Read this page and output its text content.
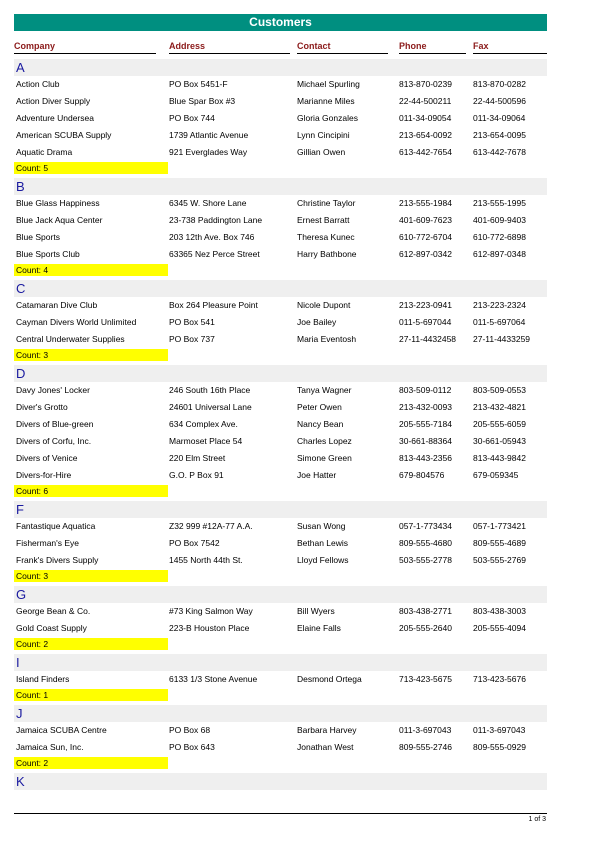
Customers
Company	Address	Contact	Phone	Fax
A
Action Club	PO Box 5451-F	Michael Spurling	813-870-0239 813-870-0282
Action Diver Supply	Blue Spar Box #3	Marianne Miles	22-44-500211	22-44-500596
Adventure Undersea	PO Box 744	Gloria Gonzales	011-34-09054	011-34-09064
American SCUBA Supply	1739 Atlantic Avenue	Lynn Cincipini	213-654-0092 213-654-0095
Aquatic Drama	921 Everglades Way	Gillian Owen	613-442-7654 613-442-7678
Count: 5
B
Blue Glass Happiness	6345 W. Shore Lane	Christine Taylor	213-555-1984 213-555-1995
Blue Jack Aqua Center	23-738 Paddington Lane	Ernest Barratt	401-609-7623 401-609-9403
Blue Sports	203 12th Ave. Box 746	Theresa Kunec	610-772-6704 610-772-6898
Blue Sports Club	63365 Nez Perce Street	Harry Bathbone	612-897-0342 612-897-0348
Count: 4
C
Catamaran Dive Club	Box 264 Pleasure Point	Nicole Dupont	213-223-0941 213-223-2324
Cayman Divers World Unlimited	PO Box 541	Joe Bailey	011-5-697044	011-5-697064
Central Underwater Supplies	PO Box 737	Maria Eventosh	27-11-4432458 27-11-4433259
Count: 3
D
Davy Jones' Locker	246 South 16th Place	Tanya Wagner	803-509-0112	803-509-0553
Diver's Grotto	24601 Universal Lane	Peter Owen	213-432-0093 213-432-4821
Divers of Blue-green	634 Complex Ave.	Nancy Bean	205-555-7184 205-555-6059
Divers of Corfu, Inc.	Marmoset Place 54	Charles Lopez	30-661-88364 30-661-05943
Divers of Venice	220 Elm Street	Simone Green	813-443-2356 813-443-9842
Divers-for-Hire	G.O. P Box 91	Joe Hatter	679-804576	679-059345
Count: 6
F
Fantastique Aquatica	Z32 999 #12A-77 A.A.	Susan Wong	057-1-773434 057-1-773421
Fisherman's Eye	PO Box 7542	Bethan Lewis	809-555-4680 809-555-4689
Frank's Divers Supply	1455 North 44th St.	Lloyd Fellows	503-555-2778 503-555-2769
Count: 3
G
George Bean & Co.	#73 King Salmon Way	Bill Wyers	803-438-2771 803-438-3003
Gold Coast Supply	223-B Houston Place	Elaine Falls	205-555-2640 205-555-4094
Count: 2
I
Island Finders	6133 1/3 Stone Avenue	Desmond Ortega	713-423-5675 713-423-5676
Count: 1
J
Jamaica SCUBA Centre	PO Box 68	Barbara Harvey	011-3-697043	011-3-697043
Jamaica Sun, Inc.	PO Box 643	Jonathan West	809-555-2746 809-555-0929
Count: 2
K
1 of 3
